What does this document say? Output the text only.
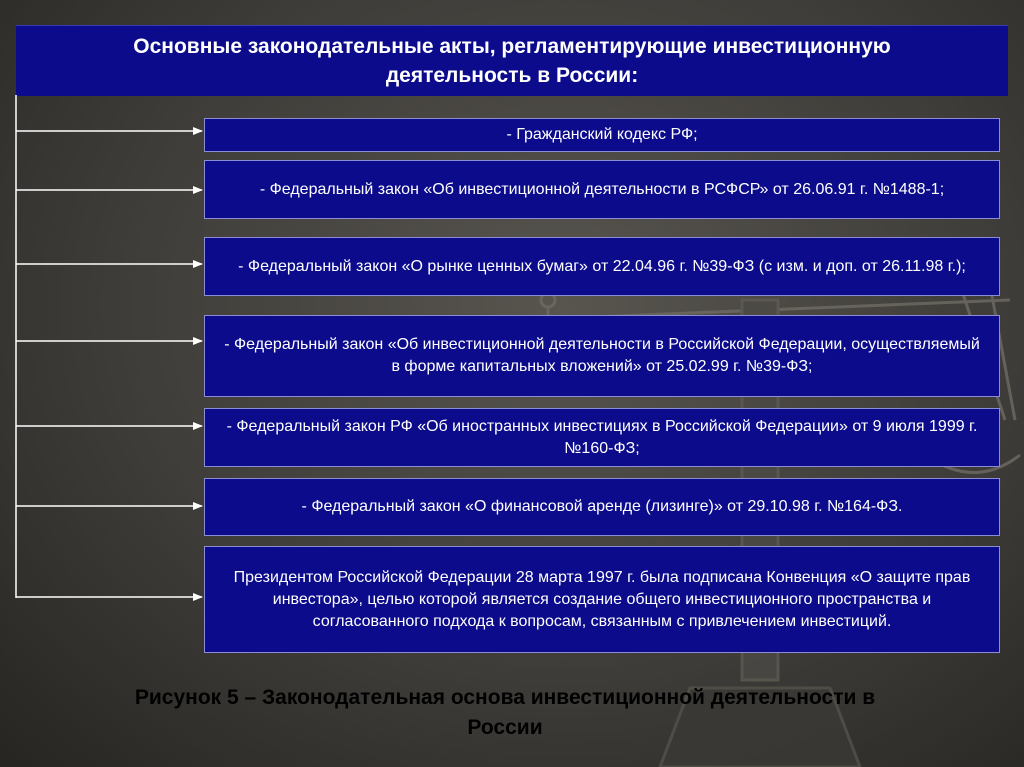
Основные законодательные акты, регламентирующие инвестиционную деятельность в России:
- Гражданский кодекс РФ;
- Федеральный закон «Об инвестиционной деятельности в РСФСР» от 26.06.91 г. №1488-1;
- Федеральный закон «О рынке ценных бумаг» от 22.04.96 г. №39-ФЗ (с изм. и доп. от 26.11.98 г.);
- Федеральный закон «Об инвестиционной деятельности в Российской Федерации, осуществляемый в форме капитальных вложений» от 25.02.99 г. №39-ФЗ;
- Федеральный закон РФ «Об иностранных инвестициях в Российской Федерации» от 9 июля 1999 г. №160-ФЗ;
- Федеральный закон «О финансовой аренде (лизинге)» от 29.10.98 г. №164-ФЗ.
Президентом Российской Федерации 28 марта 1997 г. была подписана Конвенция «О защите прав инвестора», целью которой является создание общего инвестиционного пространства и согласованного подхода к вопросам, связанным с привлечением инвестиций.
Рисунок 5 – Законодательная основа инвестиционной деятельности в России
